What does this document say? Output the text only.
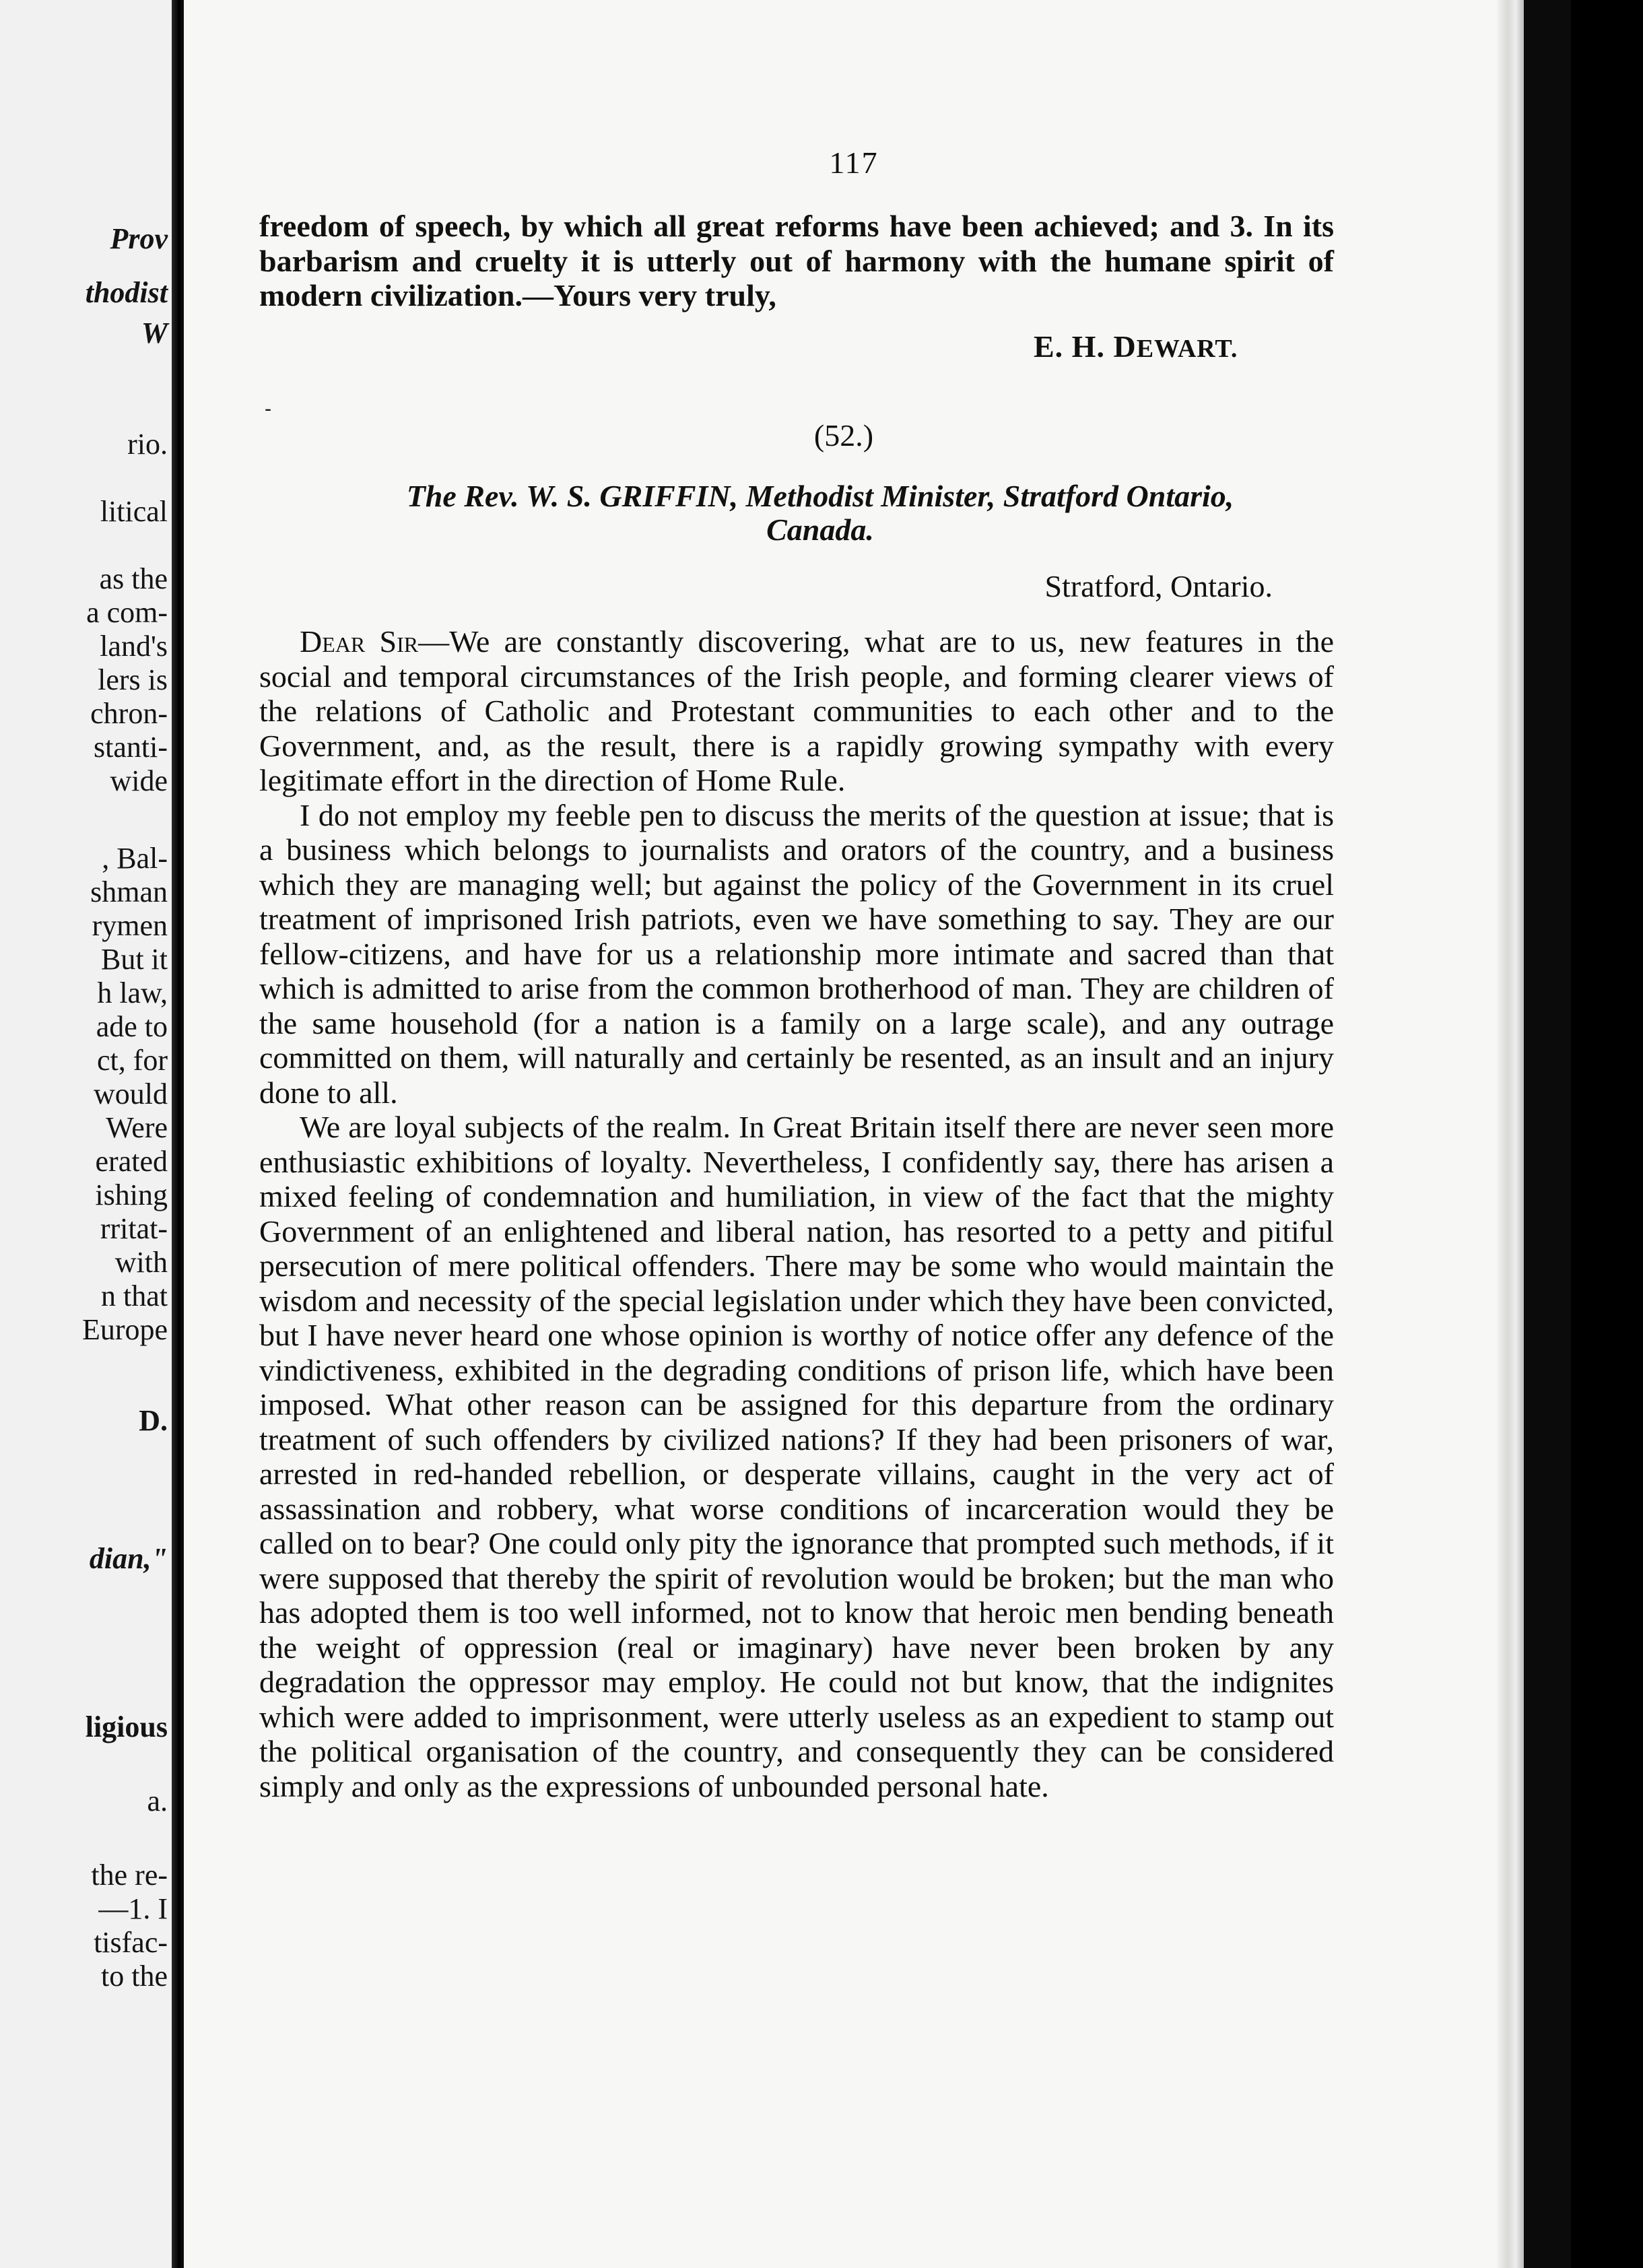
Prov
thodist
W
rio.
litical
as the
a com-
land's
lers is
chron-
stanti-
wide
, Bal-
shman
rymen
But it
h law,
ade to
ct, for
would
Were
erated
ishing
rritat-
with
n that
Europe
D.
dian,"
ligious
a.
the re-
—1. I
tisfac-
to the
117

freedom of speech, by which all great reforms have been achieved; and 3. In its barbarism and cruelty it is utterly out of harmony with the humane spirit of modern civilization.—Yours very truly,

E. H. DEWART.
-
(52.)
The Rev. W. S. GRIFFIN, Methodist Minister, Stratford Ontario,
Canada.
Stratford, Ontario.

Dear Sir—We are constantly discovering, what are to us, new features in the social and temporal circumstances of the Irish people, and forming clearer views of the relations of Catholic and Protestant communities to each other and to the Government, and, as the result, there is a rapidly growing sympathy with every legitimate effort in the direction of Home Rule.

I do not employ my feeble pen to discuss the merits of the question at issue; that is a business which belongs to journalists and orators of the country, and a business which they are managing well; but against the policy of the Government in its cruel treatment of imprisoned Irish patriots, even we have something to say. They are our fellow-citizens, and have for us a relationship more intimate and sacred than that which is admitted to arise from the common brotherhood of man. They are children of the same household (for a nation is a family on a large scale), and any outrage committed on them, will naturally and certainly be resented, as an insult and an injury done to all.

We are loyal subjects of the realm. In Great Britain itself there are never seen more enthusiastic exhibitions of loyalty. Nevertheless, I confidently say, there has arisen a mixed feeling of condemnation and humiliation, in view of the fact that the mighty Government of an enlightened and liberal nation, has resorted to a petty and pitiful persecution of mere political offenders. There may be some who would maintain the wisdom and necessity of the special legislation under which they have been convicted, but I have never heard one whose opinion is worthy of notice offer any defence of the vindictiveness, exhibited in the degrading conditions of prison life, which have been imposed. What other reason can be assigned for this departure from the ordinary treatment of such offenders by civilized nations? If they had been prisoners of war, arrested in red-handed rebellion, or desperate villains, caught in the very act of assassination and robbery, what worse conditions of incarceration would they be called on to bear? One could only pity the ignorance that prompted such methods, if it were supposed that thereby the spirit of revolution would be broken; but the man who has adopted them is too well informed, not to know that heroic men bending beneath the weight of oppression (real or imaginary) have never been broken by any degradation the oppressor may employ. He could not but know, that the indignites which were added to imprisonment, were utterly useless as an expedient to stamp out the political organisation of the country, and consequently they can be considered simply and only as the expressions of unbounded personal hate.
